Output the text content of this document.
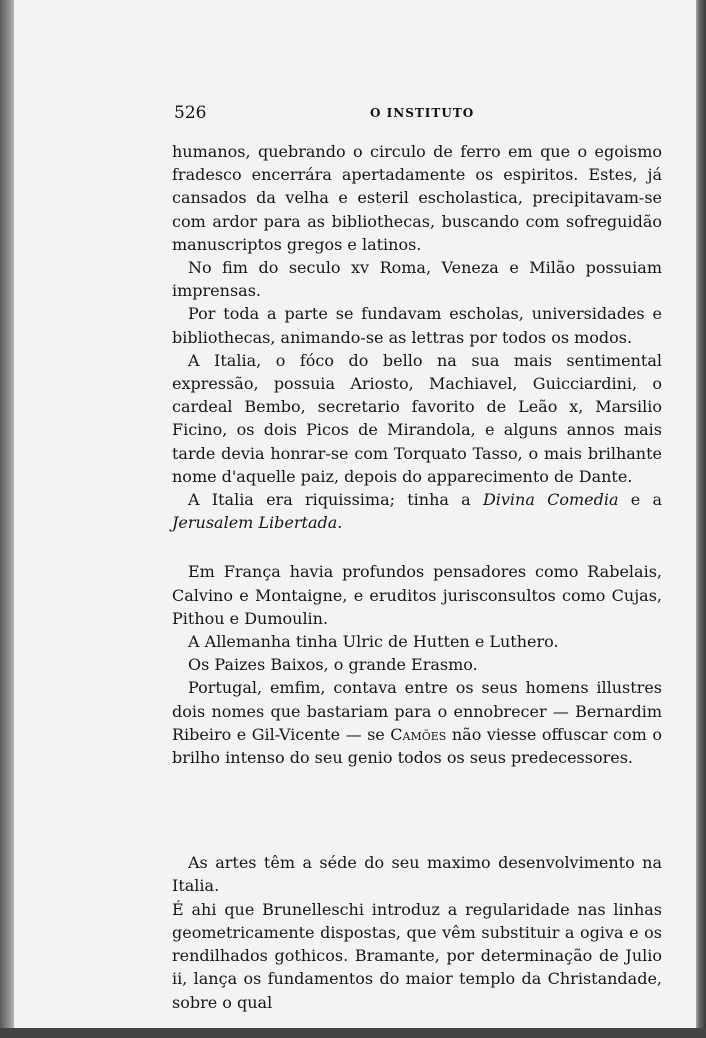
526	O INSTITUTO

humanos, quebrando o circulo de ferro em que o egoismo fradesco encerrára apertadamente os espiritos. Estes, já cansados da velha e esteril escholastica, precipitavam-se com ardor para as bibliothecas, buscando com sofreguidão manuscriptos gregos e latinos.

No fim do seculo xv Roma, Veneza e Milão possuiam imprensas.

Por toda a parte se fundavam escholas, universidades e bibliothecas, animando-se as lettras por todos os modos.

A Italia, o fóco do bello na sua mais sentimental expressão, possuia Ariosto, Machiavel, Guicciardini, o cardeal Bembo, secretario favorito de Leão x, Marsilio Ficino, os dois Picos de Mirandola, e alguns annos mais tarde devia honrar-se com Torquato Tasso, o mais brilhante nome d'aquelle paiz, depois do apparecimento de Dante.

A Italia era riquissima; tinha a Divina Comedia e a Jerusalem Libertada.

Em França havia profundos pensadores como Rabelais, Calvino e Montaigne, e eruditos jurisconsultos como Cujas, Pithou e Dumoulin.

A Allemanha tinha Ulric de Hutten e Luthero.

Os Paizes Baixos, o grande Erasmo.

Portugal, emfim, contava entre os seus homens illustres dois nomes que bastariam para o ennobrecer — Bernardim Ribeiro e Gil-Vicente — se Camões não viesse offuscar com o brilho intenso do seu genio todos os seus predecessores.

As artes têm a séde do seu maximo desenvolvimento na Italia.

É ahi que Brunelleschi introduz a regularidade nas linhas geometricamente dispostas, que vêm substituir a ogiva e os rendilhados gothicos. Bramante, por determinação de Julio ii, lança os fundamentos do maior templo da Christandade, sobre o qual
